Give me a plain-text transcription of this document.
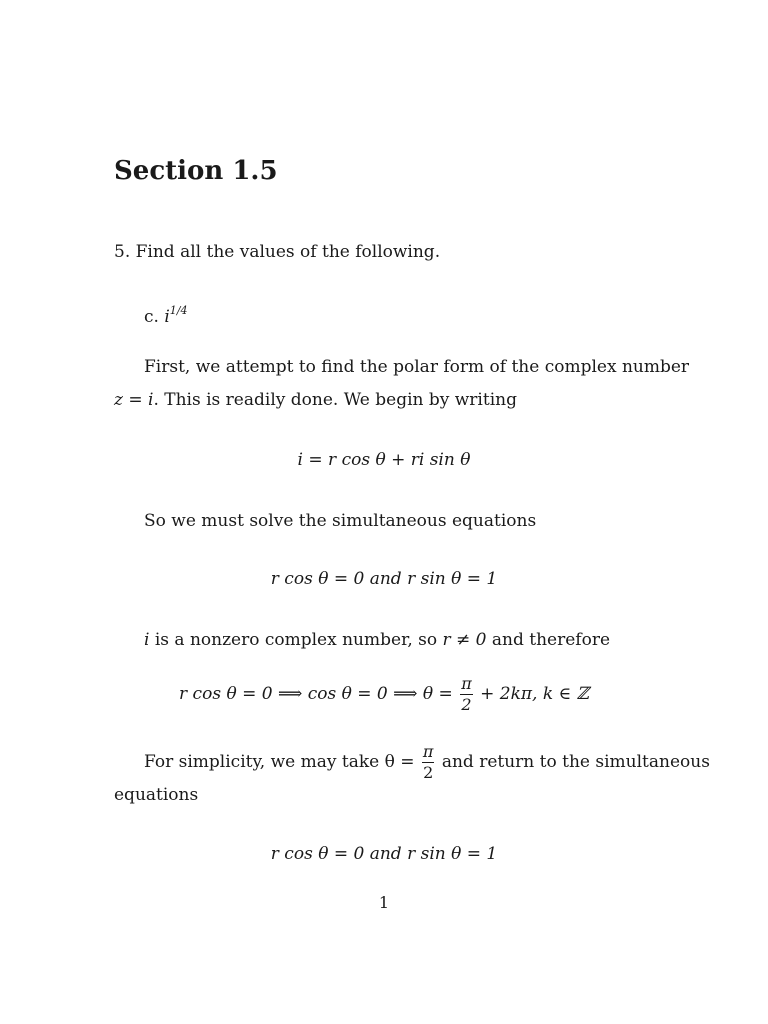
Section 1.5

5. Find all the values of the following.

c. $i^{1/4}$

First, we attempt to find the polar form of the complex number

z = i. This is readily done. We begin by writing

i = r cos θ + ri sin θ

So we must solve the simultaneous equations

r cos θ = 0 and r sin θ = 1

i is a nonzero complex number, so r ≠ 0 and therefore

r cos θ = 0 ⟹ cos θ = 0 ⟹ $\theta = \frac{\pi}{2} + 2k\pi$, k ∈ ℤ
For simplicity, we may take $\theta = \frac{\pi}{2}$ and return to the simultaneous

equations

r cos θ = 0 and r sin θ = 1

1
